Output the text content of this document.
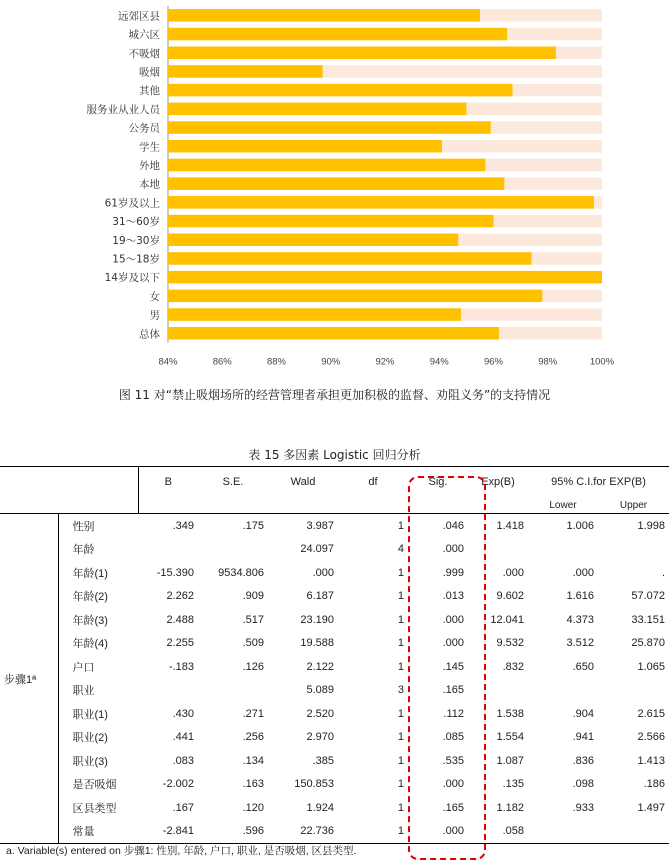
远郊区县
城六区
不吸烟
吸烟
其他
服务业从业人员
公务员
学生
外地
本地
61岁及以上
31～60岁
19～30岁
15～18岁
14岁及以下
女
男
总体
84%	86%	88%	90%	92%	94%	96%	98%	100%
图 11 对“禁止吸烟场所的经营管理者承担更加积极的监督、劝阻义务”的支持情况
表 15 多因素 Logistic 回归分析
		B	S.E.	Wald	df	Sig.	Exp(B)	95% C.I.for EXP(B)	
								Lower	Upper
步骤1ª	性别	.349	.175	3.987	1	.046	1.418	1.006	1.998
	年龄			24.097	4	.000			
	年龄(1)	-15.390	9534.806	.000	1	.999	.000	.000	.
	年龄(2)	2.262	.909	6.187	1	.013	9.602	1.616	57.072
	年龄(3)	2.488	.517	23.190	1	.000	12.041	4.373	33.151
	年龄(4)	2.255	.509	19.588	1	.000	9.532	3.512	25.870
	户口	-.183	.126	2.122	1	.145	.832	.650	1.065
	职业			5.089	3	.165			
	职业(1)	.430	.271	2.520	1	.112	1.538	.904	2.615
	职业(2)	.441	.256	2.970	1	.085	1.554	.941	2.566
	职业(3)	.083	.134	.385	1	.535	1.087	.836	1.413
	是否吸烟	-2.002	.163	150.853	1	.000	.135	.098	.186
	区县类型	.167	.120	1.924	1	.165	1.182	.933	1.497
	常量	-2.841	.596	22.736	1	.000	.058		
a. Variable(s) entered on 步骤1: 性别, 年龄, 户口, 职业, 是否吸烟, 区县类型.
